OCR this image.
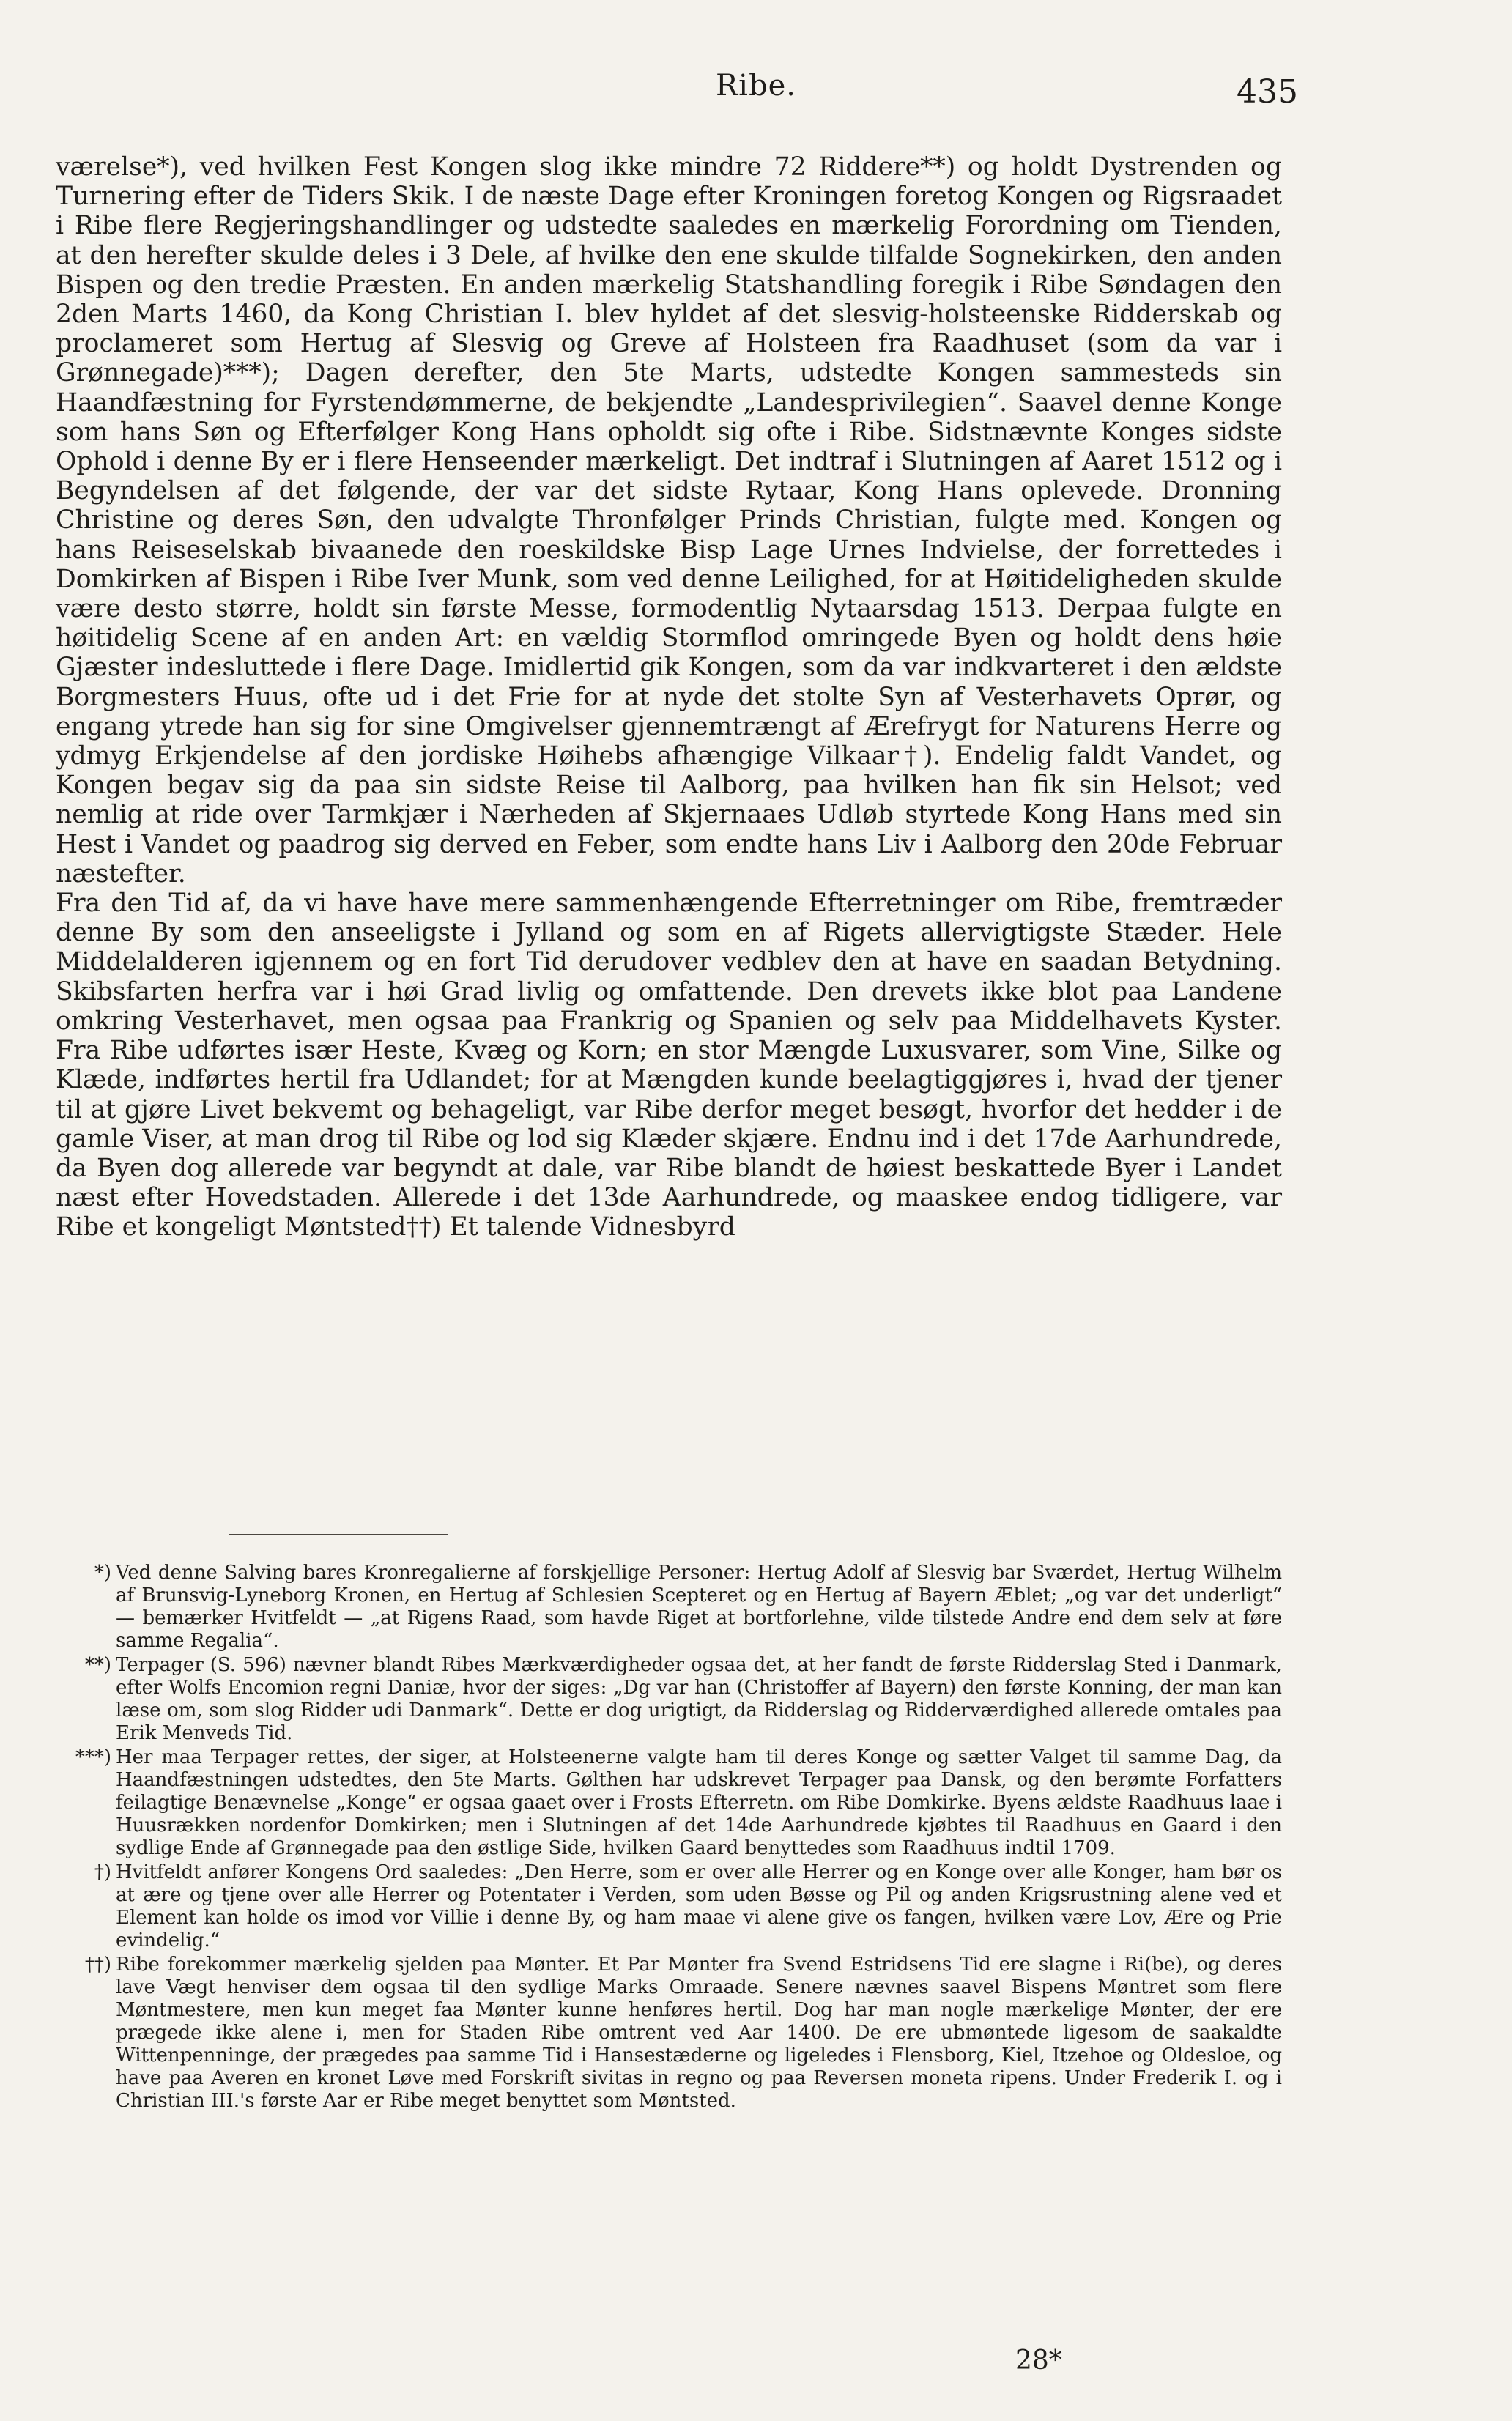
Ribe.	435

værelse*), ved hvilken Fest Kongen slog ikke mindre 72 Riddere**) og holdt Dystrenden og Turnering efter de Tiders Skik. I de næste Dage efter Kroningen foretog Kongen og Rigsraadet i Ribe flere Regjeringshandlinger og udstedte saaledes en mærkelig Forordning om Tienden, at den herefter skulde deles i 3 Dele, af hvilke den ene skulde tilfalde Sognekirken, den anden Bispen og den tredie Præsten. En anden mærkelig Statshandling foregik i Ribe Søndagen den 2den Marts 1460, da Kong Christian I. blev hyldet af det slesvig-holsteenske Ridderskab og proclameret som Hertug af Slesvig og Greve af Holsteen fra Raadhuset (som da var i Grønnegade)***); Dagen derefter, den 5te Marts, udstedte Kongen sammesteds sin Haandfæstning for Fyrstendømmerne, de bekjendte „Landesprivilegien“. Saavel denne Konge som hans Søn og Efterfølger Kong Hans opholdt sig ofte i Ribe. Sidstnævnte Konges sidste Ophold i denne By er i flere Henseender mærkeligt. Det indtraf i Slutningen af Aaret 1512 og i Begyndelsen af det følgende, der var det sidste Rytaar, Kong Hans oplevede. Dronning Christine og deres Søn, den udvalgte Thronfølger Prinds Christian, fulgte med. Kongen og hans Reiseselskab bivaanede den roeskildske Bisp Lage Urnes Indvielse, der forrettedes i Domkirken af Bispen i Ribe Iver Munk, som ved denne Leilighed, for at Høitideligheden skulde være desto større, holdt sin første Messe, formodentlig Nytaarsdag 1513. Derpaa fulgte en høitidelig Scene af en anden Art: en vældig Stormflod omringede Byen og holdt dens høie Gjæster indesluttede i flere Dage. Imidlertid gik Kongen, som da var indkvarteret i den ældste Borgmesters Huus, ofte ud i det Frie for at nyde det stolte Syn af Vesterhavets Oprør, og engang ytrede han sig for sine Omgivelser gjennemtrængt af Ærefrygt for Naturens Herre og ydmyg Erkjendelse af den jordiske Høihebs afhængige Vilkaar†). Endelig faldt Vandet, og Kongen begav sig da paa sin sidste Reise til Aalborg, paa hvilken han fik sin Helsot; ved nemlig at ride over Tarmkjær i Nærheden af Skjernaaes Udløb styrtede Kong Hans med sin Hest i Vandet og paadrog sig derved en Feber, som endte hans Liv i Aalborg den 20de Februar næstefter.

Fra den Tid af, da vi have have mere sammenhængende Efterretninger om Ribe, fremtræder denne By som den anseeligste i Jylland og som en af Rigets allervigtigste Stæder. Hele Middelalderen igjennem og en fort Tid derudover vedblev den at have en saadan Betydning. Skibsfarten herfra var i høi Grad livlig og omfattende. Den drevets ikke blot paa Landene omkring Vesterhavet, men ogsaa paa Frankrig og Spanien og selv paa Middelhavets Kyster. Fra Ribe udførtes især Heste, Kvæg og Korn; en stor Mængde Luxusvarer, som Vine, Silke og Klæde, indførtes hertil fra Udlandet; for at Mængden kunde beelagtiggjøres i, hvad der tjener til at gjøre Livet bekvemt og behageligt, var Ribe derfor meget besøgt, hvorfor det hedder i de gamle Viser, at man drog til Ribe og lod sig Klæder skjære. Endnu ind i det 17de Aarhundrede, da Byen dog allerede var begyndt at dale, var Ribe blandt de høiest beskattede Byer i Landet næst efter Hovedstaden. Allerede i det 13de Aarhundrede, og maaskee endog tidligere, var Ribe et kongeligt Møntsted††) Et talende Vidnesbyrd

*) Ved denne Salving bares Kronregalierne af forskjellige Personer: Hertug Adolf af Slesvig bar Sværdet, Hertug Wilhelm af Brunsvig-Lyneborg Kronen, en Hertug af Schlesien Scepteret og en Hertug af Bayern Æblet; „og var det underligt“ — bemærker Hvitfeldt — „at Rigens Raad, som havde Riget at bortforlehne, vilde tilstede Andre end dem selv at føre samme Regalia“.
**) Terpager (S. 596) nævner blandt Ribes Mærkværdigheder ogsaa det, at her fandt de første Ridderslag Sted i Danmark, efter Wolfs Encomion regni Daniæ, hvor der siges: „Dg var han (Christoffer af Bayern) den første Konning, der man kan læse om, som slog Ridder udi Danmark“. Dette er dog urigtigt, da Ridderslag og Ridderværdighed allerede omtales paa Erik Menveds Tid.
***) Her maa Terpager rettes, der siger, at Holsteenerne valgte ham til deres Konge og sætter Valget til samme Dag, da Haandfæstningen udstedtes, den 5te Marts. Gølthen har udskrevet Terpager paa Dansk, og den berømte Forfatters feilagtige Benævnelse „Konge“ er ogsaa gaaet over i Frosts Efterretn. om Ribe Domkirke. Byens ældste Raadhuus laae i Huusrækken nordenfor Domkirken; men i Slutningen af det 14de Aarhundrede kjøbtes til Raadhuus en Gaard i den sydlige Ende af Grønnegade paa den østlige Side, hvilken Gaard benyttedes som Raadhuus indtil 1709.
†) Hvitfeldt anfører Kongens Ord saaledes: „Den Herre, som er over alle Herrer og en Konge over alle Konger, ham bør os at ære og tjene over alle Herrer og Potentater i Verden, som uden Bøsse og Pil og anden Krigsrustning alene ved et Element kan holde os imod vor Villie i denne By, og ham maae vi alene give os fangen, hvilken være Lov, Ære og Prie evindelig.“
††) Ribe forekommer mærkelig sjelden paa Mønter. Et Par Mønter fra Svend Estridsens Tid ere slagne i Ri(be), og deres lave Vægt henviser dem ogsaa til den sydlige Marks Omraade. Senere nævnes saavel Bispens Møntret som flere Møntmestere, men kun meget faa Mønter kunne henføres hertil. Dog har man nogle mærkelige Mønter, der ere prægede ikke alene i, men for Staden Ribe omtrent ved Aar 1400. De ere ubmøntede ligesom de saakaldte Wittenpenninge, der prægedes paa samme Tid i Hansestæderne og ligeledes i Flensborg, Kiel, Itzehoe og Oldesloe, og have paa Averen en kronet Løve med Forskrift sivitas in regno og paa Reversen moneta ripens. Under Frederik I. og i Christian III.'s første Aar er Ribe meget benyttet som Møntsted.
28*
